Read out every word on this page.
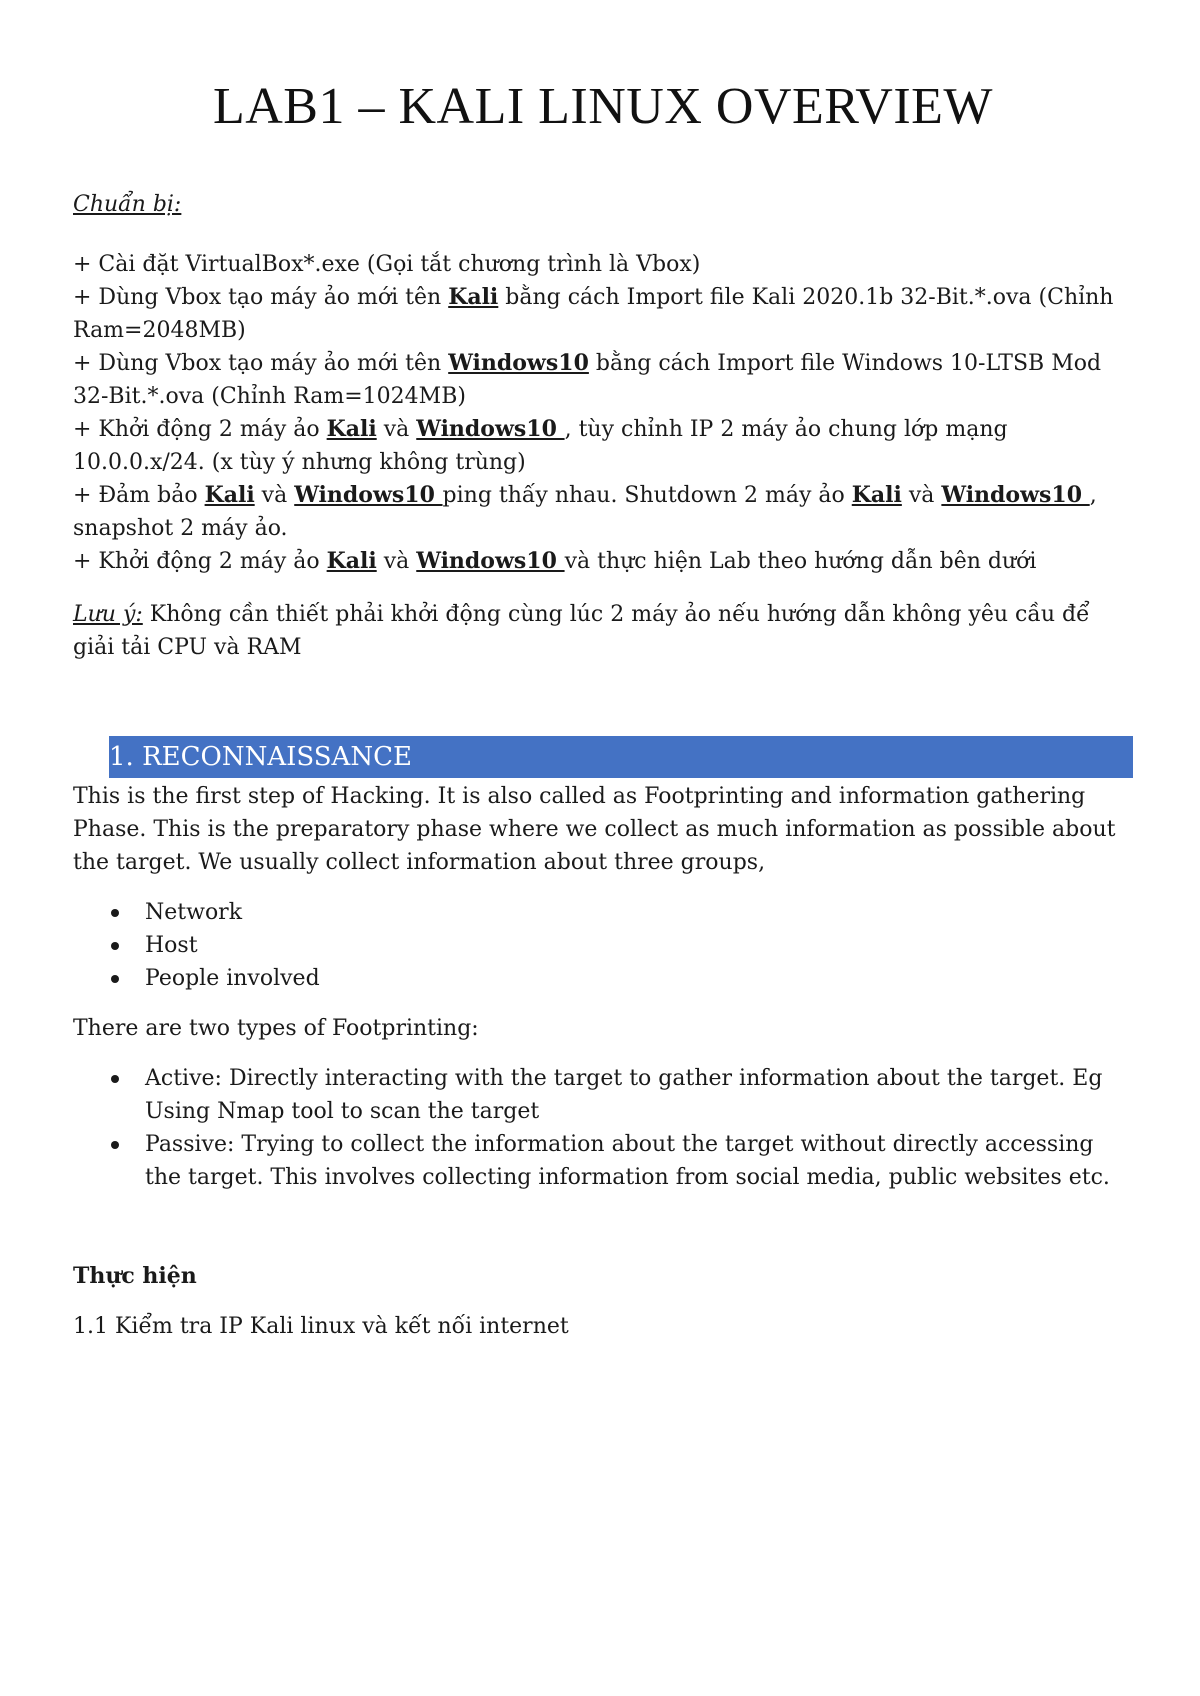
LAB1 – KALI LINUX OVERVIEW
Chuẩn bị:

+ Cài đặt VirtualBox*.exe (Gọi tắt chương trình là Vbox)

+ Dùng Vbox tạo máy ảo mới tên Kali bằng cách Import file Kali 2020.1b 32-Bit.*.ova (Chỉnh Ram=2048MB)

+ Dùng Vbox tạo máy ảo mới tên Windows10 bằng cách Import file Windows 10-LTSB Mod 32-Bit.*.ova (Chỉnh Ram=1024MB)

+ Khởi động 2 máy ảo Kali và Windows10 , tùy chỉnh IP 2 máy ảo chung lớp mạng 10.0.0.x/24. (x tùy ý nhưng không trùng)

+ Đảm bảo Kali và Windows10 ping thấy nhau. Shutdown 2 máy ảo Kali và Windows10 , snapshot 2 máy ảo.

+ Khởi động 2 máy ảo Kali và Windows10 và thực hiện Lab theo hướng dẫn bên dưới

Lưu ý: Không cần thiết phải khởi động cùng lúc 2 máy ảo nếu hướng dẫn không yêu cầu để giải tải CPU và RAM

1. RECONNAISSANCE

This is the first step of Hacking. It is also called as Footprinting and information gathering Phase. This is the preparatory phase where we collect as much information as possible about the target. We usually collect information about three groups,

Network
Host
People involved

There are two types of Footprinting:

Active: Directly interacting with the target to gather information about the target. Eg Using Nmap tool to scan the target
Passive: Trying to collect the information about the target without directly accessing the target. This involves collecting information from social media, public websites etc.

Thực hiện

1.1 Kiểm tra IP Kali linux và kết nối internet
